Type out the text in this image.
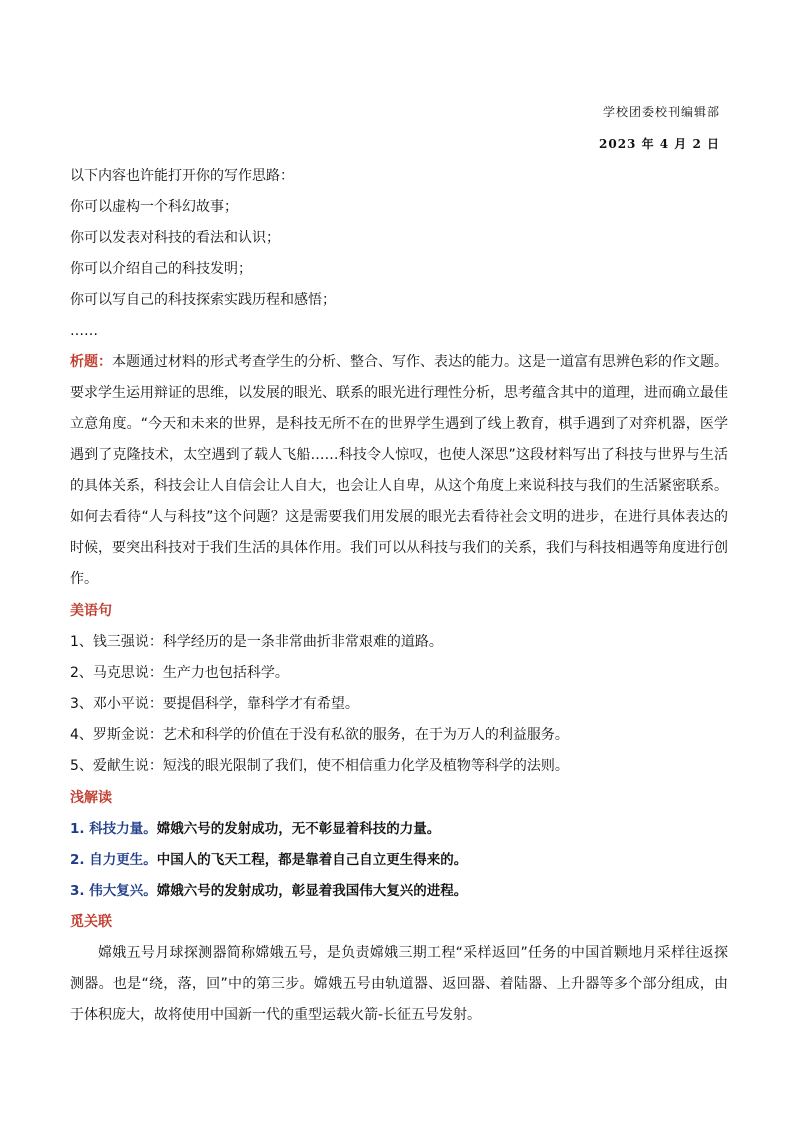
学校团委校刊编辑部
2023 年 4 月 2 日
以下内容也许能打开你的写作思路：
你可以虚构一个科幻故事；
你可以发表对科技的看法和认识；
你可以介绍自己的科技发明；
你可以写自己的科技探索实践历程和感悟；
……
析题：本题通过材料的形式考查学生的分析、整合、写作、表达的能力。这是一道富有思辨色彩的作文题。要求学生运用辩证的思维，以发展的眼光、联系的眼光进行理性分析，思考蕴含其中的道理，进而确立最佳立意角度。“今天和未来的世界，是科技无所不在的世界学生遇到了线上教育，棋手遇到了对弈机器，医学遇到了克隆技术，太空遇到了载人飞船……科技令人惊叹，也使人深思”这段材料写出了科技与世界与生活的具体关系，科技会让人自信会让人自大，也会让人自卑，从这个角度上来说科技与我们的生活紧密联系。如何去看待“人与科技”这个问题？这是需要我们用发展的眼光去看待社会文明的进步，在进行具体表达的时候，要突出科技对于我们生活的具体作用。我们可以从科技与我们的关系，我们与科技相遇等角度进行创作。
美语句
1、钱三强说：科学经历的是一条非常曲折非常艰难的道路。
2、马克思说：生产力也包括科学。
3、邓小平说：要提倡科学，靠科学才有希望。
4、罗斯金说：艺术和科学的价值在于没有私欲的服务，在于为万人的利益服务。
5、爱献生说：短浅的眼光限制了我们，使不相信重力化学及植物等科学的法则。
浅解读
1. 科技力量。嫦娥六号的发射成功，无不彰显着科技的力量。
2. 自力更生。中国人的飞天工程，都是靠着自己自立更生得来的。
3. 伟大复兴。嫦娥六号的发射成功，彰显着我国伟大复兴的进程。
觅关联
嫦娥五号月球探测器简称嫦娥五号，是负责嫦娥三期工程“采样返回”任务的中国首颗地月采样往返探测器。也是“绕，落，回”中的第三步。嫦娥五号由轨道器、返回器、着陆器、上升器等多个部分组成，由于体积庞大，故将使用中国新一代的重型运载火箭-长征五号发射。
